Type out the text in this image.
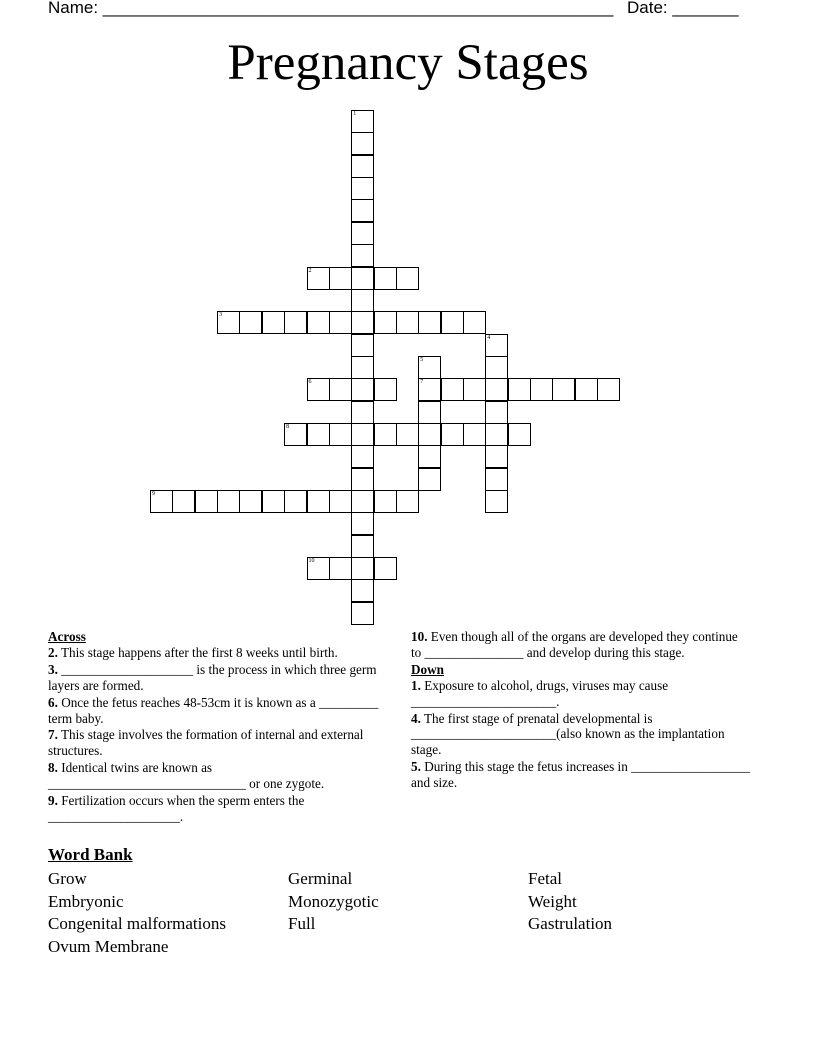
Name: ______________________________________________________ Date: _______
Pregnancy Stages
1
2
3
4
5
7
6
8
9
10
Across
2. This stage happens after the first 8 weeks until birth.
3. ____________________ is the process in which three germ layers are formed.
6. Once the fetus reaches 48-53cm it is known as a _________ term baby.
7. This stage involves the formation of internal and external structures.
8. Identical twins are known as ______________________________ or one zygote.
9. Fertilization occurs when the sperm enters the ____________________.
10. Even though all of the organs are developed they continue to _______________ and develop during this stage.
Down
1. Exposure to alcohol, drugs, viruses may cause ______________________.
4. The first stage of prenatal developmental is ______________________(also known as the implantation stage.
5. During this stage the fetus increases in __________________ and size.
Word Bank
Grow	Germinal	Fetal
Embryonic	Monozygotic	Weight
Congenital malformations	Full	Gastrulation
Ovum Membrane
